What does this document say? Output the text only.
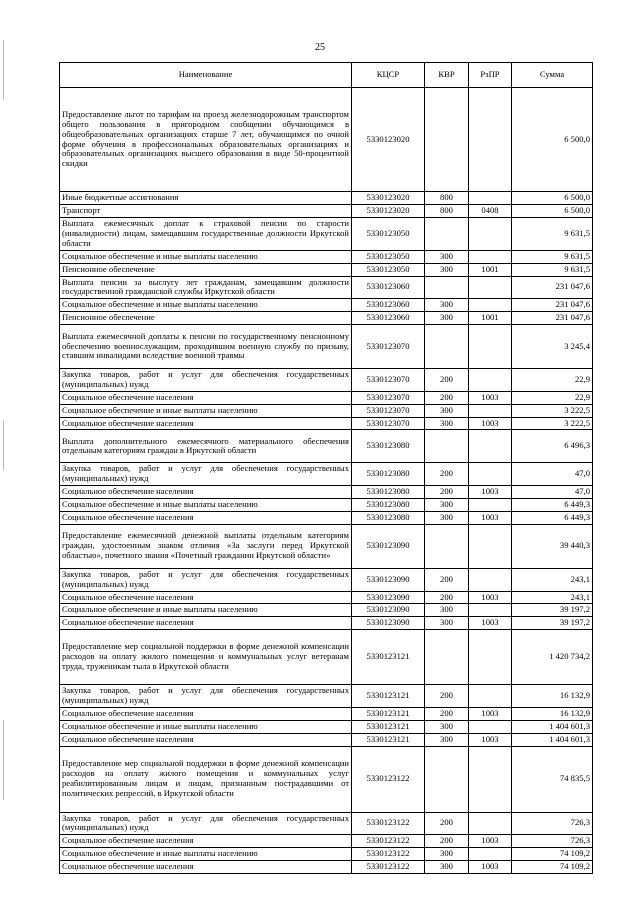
25
Наименование	КЦСР	КВР	РзПР	Сумма
Предоставление льгот по тарифам на проезд железнодорожным транспортом общего пользования в пригородном сообщении обучающимся в общеобразовательных организациях старше 7 лет, обучающимся по очной форме обучения в профессиональных образовательных организациях и образовательных организациях высшего образования в виде 50-процентной скидки	5330123020			6 500,0
Иные бюджетные ассигнования	5330123020	800		6 500,0
Транспорт	5330123020	800	0408	6 500,0
Выплата ежемесячных доплат к страховой пенсии по старости (инвалидности) лицам, замещавшим государственные должности Иркутской области	5330123050			9 631,5
Социальное обеспечение и иные выплаты населению	5330123050	300		9 631,5
Пенсионное обеспечение	5330123050	300	1001	9 631,5
Выплата пенсии за выслугу лет гражданам, замещавшим должности государственной гражданской службы Иркутской области	5330123060			231 047,6
Социальное обеспечение и иные выплаты населению	5330123060	300		231 047,6
Пенсионное обеспечение	5330123060	300	1001	231 047,6
Выплата ежемесячной доплаты к пенсии по государственному пенсионному обеспечению военнослужащим, проходившим военную службу по призыву, ставшим инвалидами вследствие военной травмы	5330123070			3 245,4
Закупка товаров, работ и услуг для обеспечения государственных (муниципальных) нужд	5330123070	200		22,9
Социальное обеспечение населения	5330123070	200	1003	22,9
Социальное обеспечение и иные выплаты населению	5330123070	300		3 222,5
Социальное обеспечение населения	5330123070	300	1003	3 222,5
Выплата дополнительного ежемесячного материального обеспечения отдельным категориям граждан в Иркутской области	5330123080			6 496,3
Закупка товаров, работ и услуг для обеспечения государственных (муниципальных) нужд	5330123080	200		47,0
Социальное обеспечение населения	5330123080	200	1003	47,0
Социальное обеспечение и иные выплаты населению	5330123080	300		6 449,3
Социальное обеспечение населения	5330123080	300	1003	6 449,3
Предоставление ежемесячной денежной выплаты отдельным категориям граждан, удостоенным знаком отличия «За заслуги перед Иркутской областью», почетного звания «Почетный гражданин Иркутской области»	5330123090			39 440,3
Закупка товаров, работ и услуг для обеспечения государственных (муниципальных) нужд	5330123090	200		243,1
Социальное обеспечение населения	5330123090	200	1003	243,1
Социальное обеспечение и иные выплаты населению	5330123090	300		39 197,2
Социальное обеспечение населения	5330123090	300	1003	39 197,2
Предоставление мер социальной поддержки в форме денежной компенсации расходов на оплату жилого помещения и коммунальных услуг ветеранам труда, труженикам тыла в Иркутской области	5330123121			1 420 734,2
Закупка товаров, работ и услуг для обеспечения государственных (муниципальных) нужд	5330123121	200		16 132,9
Социальное обеспечение населения	5330123121	200	1003	16 132,9
Социальное обеспечение и иные выплаты населению	5330123121	300		1 404 601,3
Социальное обеспечение населения	5330123121	300	1003	1 404 601,3
Предоставление мер социальной поддержки в форме денежной компенсации расходов на оплату жилого помещения и коммунальных услуг реабилитированным лицам и лицам, признанным пострадавшими от политических репрессий, в Иркутской области	5330123122			74 835,5
Закупка товаров, работ и услуг для обеспечения государственных (муниципальных) нужд	5330123122	200		726,3
Социальное обеспечение населения	5330123122	200	1003	726,3
Социальное обеспечение и иные выплаты населению	5330123122	300		74 109,2
Социальное обеспечение населения	5330123122	300	1003	74 109,2
